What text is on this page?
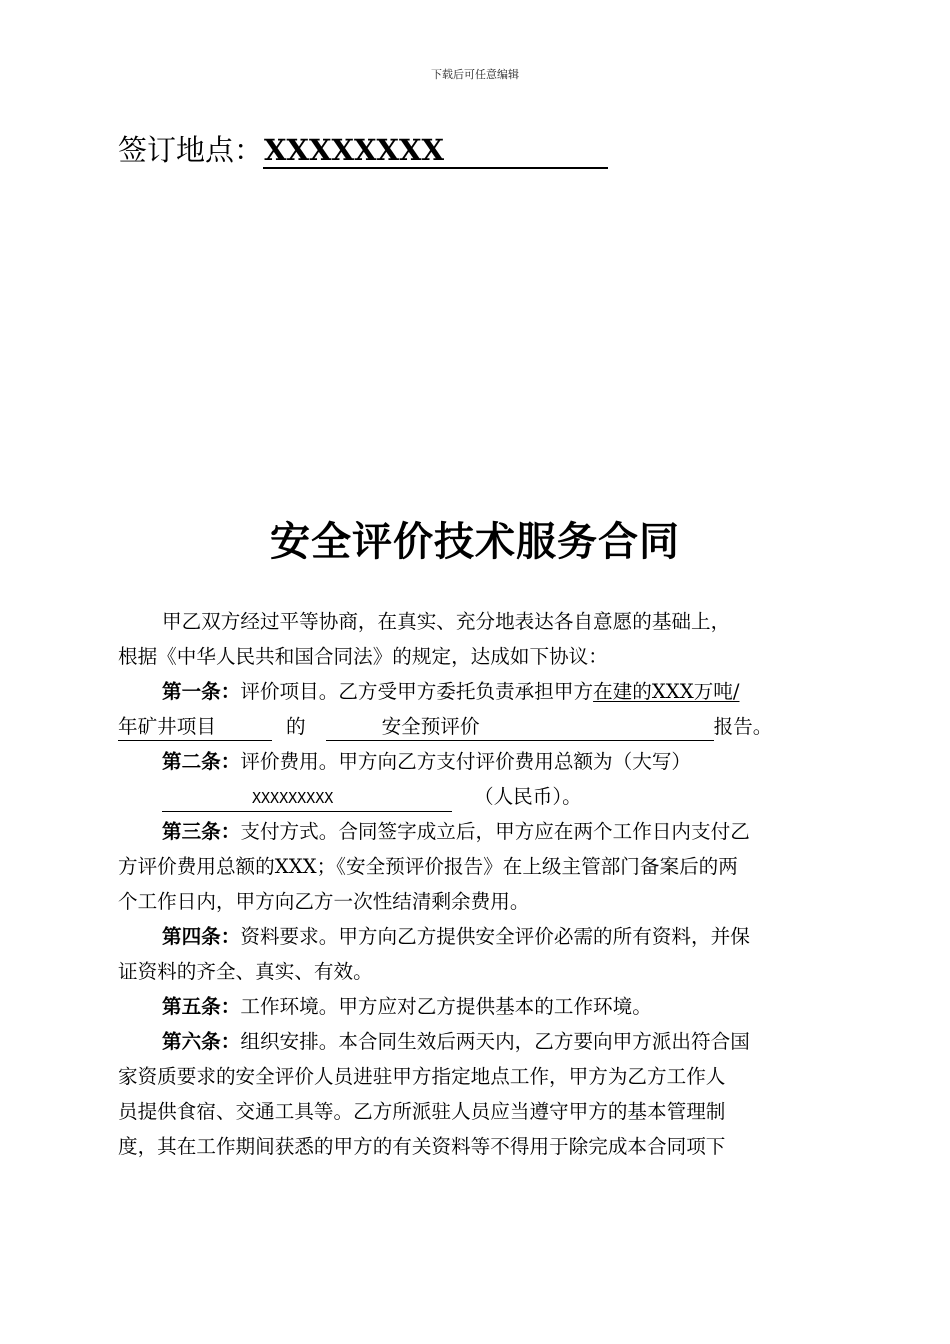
下载后可任意编辑
签订地点：XXXXXXXX
安全评价技术服务合同
甲乙双方经过平等协商，在真实、充分地表达各自意愿的基础上，
根据《中华人民共和国合同法》的规定，达成如下协议：
第一条：评价项目。乙方受甲方委托负责承担甲方在建的XXX万吨/
年矿井项目	的	安全预评价	报告。
第二条：评价费用。甲方向乙方支付评价费用总额为（大写）
XXXXXXXXX	（人民币）。
第三条：支付方式。合同签字成立后，甲方应在两个工作日内支付乙
方评价费用总额的XXX；《安全预评价报告》在上级主管部门备案后的两
个工作日内，甲方向乙方一次性结清剩余费用。
第四条：资料要求。甲方向乙方提供安全评价必需的所有资料，并保
证资料的齐全、真实、有效。
第五条：工作环境。甲方应对乙方提供基本的工作环境。
第六条：组织安排。本合同生效后两天内，乙方要向甲方派出符合国
家资质要求的安全评价人员进驻甲方指定地点工作，甲方为乙方工作人
员提供食宿、交通工具等。乙方所派驻人员应当遵守甲方的基本管理制
度，其在工作期间获悉的甲方的有关资料等不得用于除完成本合同项下
